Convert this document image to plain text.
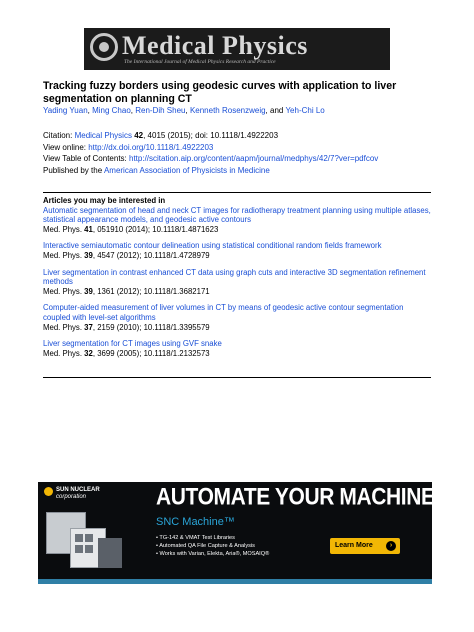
Medical Physics
The International Journal of Medical Physics Research and Practice
Tracking fuzzy borders using geodesic curves with application to liver segmentation on planning CT
Yading Yuan, Ming Chao, Ren-Dih Sheu, Kenneth Rosenzweig, and Yeh-Chi Lo
Citation: Medical Physics 42, 4015 (2015); doi: 10.1118/1.4922203
View online: http://dx.doi.org/10.1118/1.4922203
View Table of Contents: http://scitation.aip.org/content/aapm/journal/medphys/42/7?ver=pdfcov
Published by the American Association of Physicists in Medicine
Articles you may be interested in
Automatic segmentation of head and neck CT images for radiotherapy treatment planning using multiple atlases, statistical appearance models, and geodesic active contours
Med. Phys. 41, 051910 (2014); 10.1118/1.4871623
Interactive semiautomatic contour delineation using statistical conditional random fields framework
Med. Phys. 39, 4547 (2012); 10.1118/1.4728979
Liver segmentation in contrast enhanced CT data using graph cuts and interactive 3D segmentation refinement methods
Med. Phys. 39, 1361 (2012); 10.1118/1.3682171
Computer-aided measurement of liver volumes in CT by means of geodesic active contour segmentation coupled with level-set algorithms
Med. Phys. 37, 2159 (2010); 10.1118/1.3395579
Liver segmentation for CT images using GVF snake
Med. Phys. 32, 3699 (2005); 10.1118/1.2132573
SUN NUCLEAR
corporation	AUTOMATE YOUR MACHINE QA
SNC Machine™
• TG-142 & VMAT Test Libraries
• Automated QA File Capture & Analysis
• Works with Varian, Elekta, Aria®, MOSAIQ®
Learn More	›
